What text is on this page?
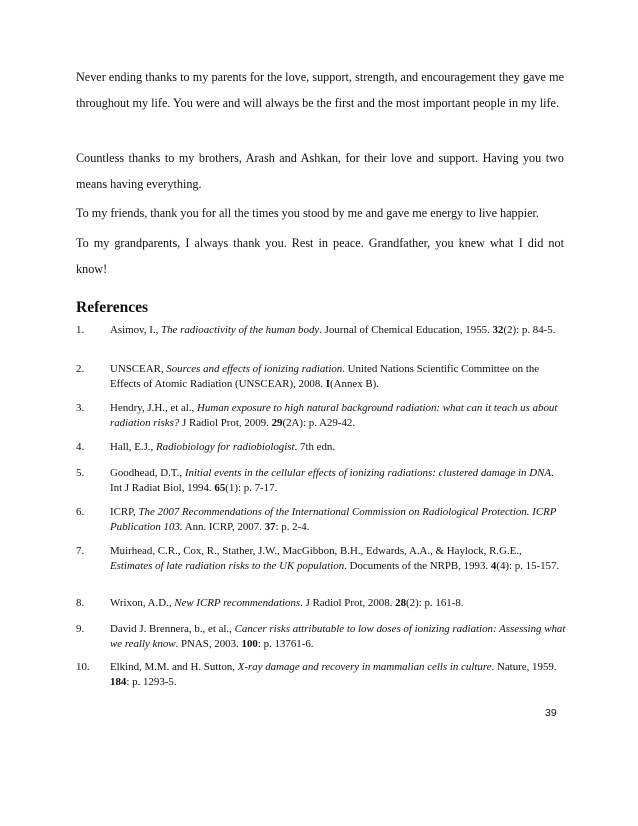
Never ending thanks to my parents for the love, support, strength, and encouragement they gave me throughout my life. You were and will always be the first and the most important people in my life.

Countless thanks to my brothers, Arash and Ashkan, for their love and support. Having you two means having everything.

To my friends, thank you for all the times you stood by me and gave me energy to live happier.

To my grandparents, I always thank you. Rest in peace. Grandfather, you knew what I did not know!

References
1. Asimov, I., The radioactivity of the human body. Journal of Chemical Education, 1955. 32(2): p. 84-5.
2. UNSCEAR, Sources and effects of ionizing radiation. United Nations Scientific Committee on the Effects of Atomic Radiation (UNSCEAR), 2008. I(Annex B).
3. Hendry, J.H., et al., Human exposure to high natural background radiation: what can it teach us about radiation risks? J Radiol Prot, 2009. 29(2A): p. A29-42.
4. Hall, E.J., Radiobiology for radiobiologist. 7th edn.
5. Goodhead, D.T., Initial events in the cellular effects of ionizing radiations: clustered damage in DNA. Int J Radiat Biol, 1994. 65(1): p. 7-17.
6. ICRP, The 2007 Recommendations of the International Commission on Radiological Protection. ICRP Publication 103. Ann. ICRP, 2007. 37: p. 2-4.
7. Muirhead, C.R., Cox, R., Stather, J.W., MacGibbon, B.H., Edwards, A.A., & Haylock, R.G.E., Estimates of late radiation risks to the UK population. Documents of the NRPB, 1993. 4(4): p. 15-157.
8. Wrixon, A.D., New ICRP recommendations. J Radiol Prot, 2008. 28(2): p. 161-8.
9. David J. Brennera, b., et al., Cancer risks attributable to low doses of ionizing radiation: Assessing what we really know. PNAS, 2003. 100: p. 13761-6.
10. Elkind, M.M. and H. Sutton, X-ray damage and recovery in mammalian cells in culture. Nature, 1959. 184: p. 1293-5.
39
